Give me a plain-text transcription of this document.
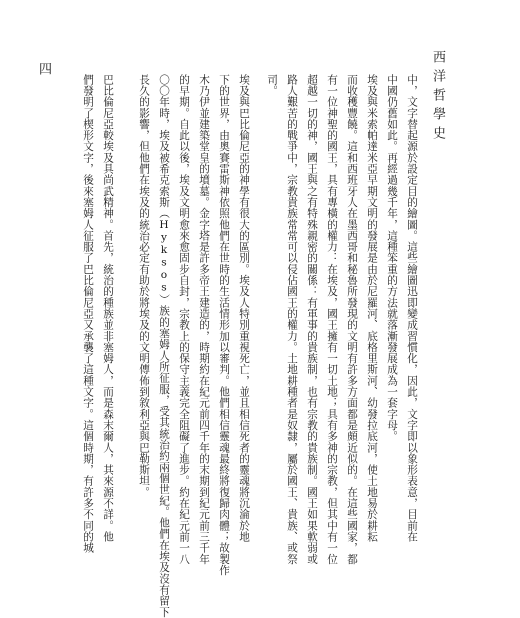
西洋哲學史
四
中，文字替起源於設定目的繪圖。這些繪圖迅即變成習慣化，因此，文字即以象形表意，目前在
中國仍舊如此。再經過幾千年，這種笨重的方法就落漸發展成為一套字母。
埃及與米索帕達米亞早期文明的發展是由於尼羅河、底格里斯河、幼發拉底河，使土地易於耕耘
而收穫豐饒。這和西班牙人在墨西哥和秘魯所發現的文明有許多方面都是頗近似的。在這些國家，都
有一位神聖的國王，具有專橫的權力：在埃及，國王擁有一切土地；具有多神的宗教，但其中有一位
超越一切的神，國王與之有特殊親密的關係：有軍事的貴族制，也有宗教的貴族制。國王如果軟弱或
路人艱苦的戰爭中，宗教貴族常常可以侵佔國王的權力。土地耕種者是奴隸，屬於國王、貴族、或祭
司。
埃及與巴比倫尼亞的神學有很大的區別。埃及人特別重視死亡，並且相信死者的靈魂將沉淪於地
下的世界，由奧賽雷斯神依照他們在世時的生活情形加以審判。他們相信靈魂最終將復歸肉體；故製作
木乃伊並建築堂皇的墳墓。金字塔是許多帝王建造的，時期約在紀元前四千年的末期到紀元前三千年
的早期。自此以後，埃及文明愈來愈固步自封，宗教上的保守主義完全阻礙了進步。約在紀元前一八
〇〇年時，埃及被希克索斯（Hyksos）族的塞姆人所征服，受其統治約兩個世紀。他們在埃及沒有留下
長久的影響，但他們在埃及的統治必定有助於將埃及的文明傳佈到敘利亞與巴勒斯坦。
巴比倫尼亞較埃及具尚武精神。首先，統治的種族並非塞姆人，而是森末爾人，其來源不詳。他
們發明了楔形文字，後來塞姆人征服了巴比倫尼亞又承襲了這種文字。這個時期，有許多不同的城
